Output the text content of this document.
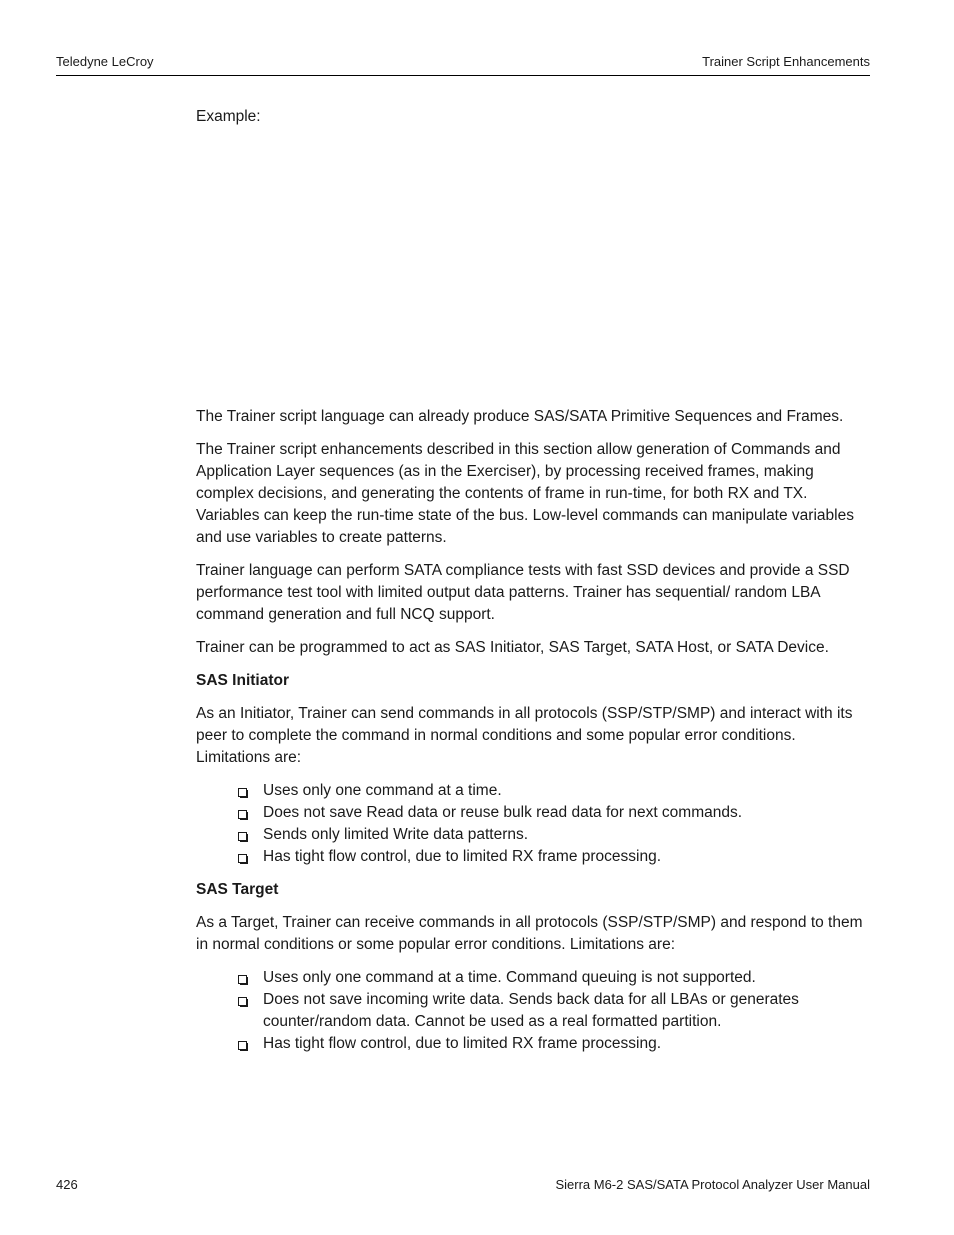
Teledyne LeCroy	Trainer Script Enhancements
Example:

The Trainer script language can already produce SAS/SATA Primitive Sequences and Frames.

The Trainer script enhancements described in this section allow generation of Commands and Application Layer sequences (as in the Exerciser), by processing received frames, making complex decisions, and generating the contents of frame in run-time, for both RX and TX. Variables can keep the run-time state of the bus. Low-level commands can manipulate variables and use variables to create patterns.

Trainer language can perform SATA compliance tests with fast SSD devices and provide a SSD performance test tool with limited output data patterns. Trainer has sequential/ random LBA command generation and full NCQ support.

Trainer can be programmed to act as SAS Initiator, SAS Target, SATA Host, or SATA Device.

SAS Initiator

As an Initiator, Trainer can send commands in all protocols (SSP/STP/SMP) and interact with its peer to complete the command in normal conditions and some popular error conditions. Limitations are:

Uses only one command at a time.
Does not save Read data or reuse bulk read data for next commands.
Sends only limited Write data patterns.
Has tight flow control, due to limited RX frame processing.
SAS Target

As a Target, Trainer can receive commands in all protocols (SSP/STP/SMP) and respond to them in normal conditions or some popular error conditions. Limitations are:

Uses only one command at a time. Command queuing is not supported.
Does not save incoming write data. Sends back data for all LBAs or generates counter/random data. Cannot be used as a real formatted partition.
Has tight flow control, due to limited RX frame processing.
426	Sierra M6-2 SAS/SATA Protocol Analyzer User Manual
